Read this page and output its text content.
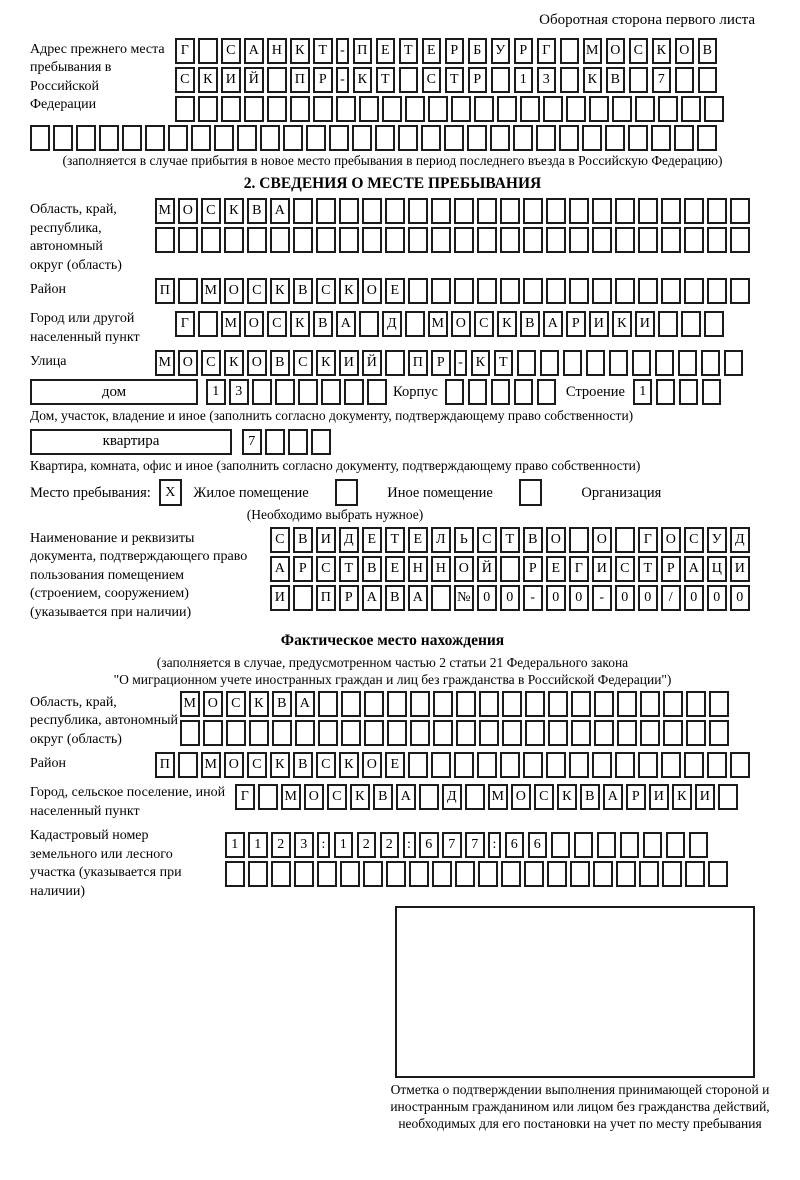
Оборотная сторона первого листа
Адрес прежнего места пребывания в Российской Федерации
Г	С А Н К	Т - П Е	Т	Е	Р	Б	У	Р	Г	М О С К О В
С К И Й	П	Р - К	Т	С	Т	Р	1	3	К В	7
(заполняется в случае прибытия в новое место пребывания в период последнего въезда в Российскую Федерацию)
2. СВЕДЕНИЯ О МЕСТЕ ПРЕБЫВАНИЯ
Область, край, республика, автономный округ (область)
М О С К В А
Район	П	М О С К В С К О Е
Город или другой населенный пункт
Г	М О С К В А	Д	М О С К В А	Р	И К И
Улица	М О С К О В С К И Й	П	Р - К	Т
дом	1	3	Корпус	Строение	1
Дом, участок, владение и иное (заполнить согласно документу, подтверждающему право собственности)
квартира	7
Квартира, комната, офис и иное (заполнить согласно документу, подтверждающему право собственности)
Место пребывания:	X	Жилое помещение	Иное помещение	Организация
(Необходимо выбрать нужное)
Наименование и реквизиты документа, подтверждающего право пользования помещением (строением, сооружением) (указывается при наличии)
С В И Д Е	Т	Е Л	Ь	С	Т	В О	О	Г О С У Д
А	Р	С	Т	В	Е Н Н О Й	Р	Е	Г И С	Т	Р	А Ц И
И	П	Р	А В А	№ 0	0	-	0	0	-	0	0	/	0	0	0
Фактическое место нахождения
(заполняется в случае, предусмотренном частью 2 статьи 21 Федерального закона
"О миграционном учете иностранных граждан и лиц без гражданства в Российской Федерации")
Область, край, республика, автономный округ (область)
М О С К В А
Район	П	М О С К В С К О Е
Город, сельское поселение, иной населенный пункт
Г	М О С К В А	Д	М О С К В А	Р	И К И
Кадастровый номер земельного или лесного участка (указывается при наличии)
1	1	2	3	:	1	2	2	:	6	7	7	:	6	6
Отметка о подтверждении выполнения принимающей стороной и иностранным гражданином или лицом без гражданства действий, необходимых для его постановки на учет по месту пребывания
